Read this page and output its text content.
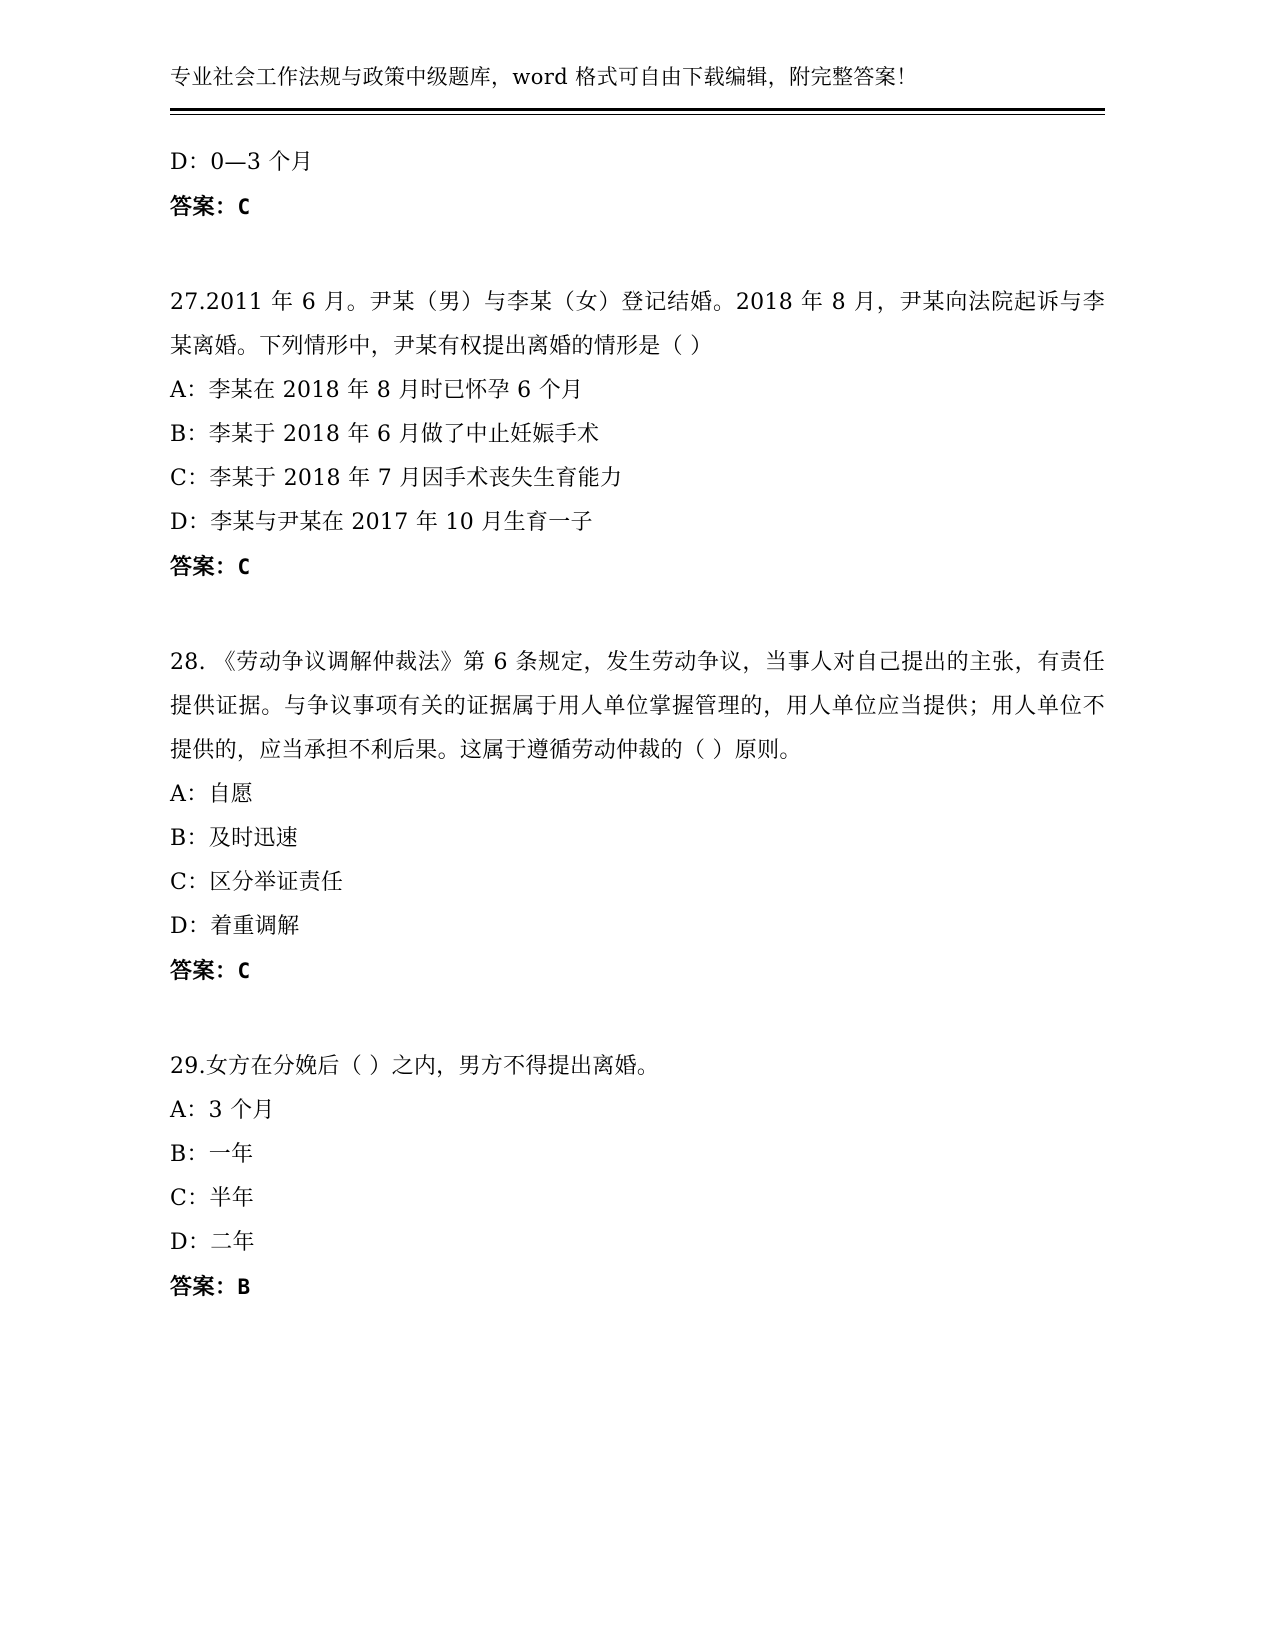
专业社会工作法规与政策中级题库，word 格式可自由下载编辑，附完整答案！
D：0—3 个月
答案：C
27.2011 年 6 月。尹某（男）与李某（女）登记结婚。2018 年 8 月，尹某向法院起诉与李某离婚。下列情形中，尹某有权提出离婚的情形是（ ）
A：李某在 2018 年 8 月时已怀孕 6 个月
B：李某于 2018 年 6 月做了中止妊娠手术
C：李某于 2018 年 7 月因手术丧失生育能力
D：李某与尹某在 2017 年 10 月生育一子
答案：C
28. 《劳动争议调解仲裁法》第 6 条规定，发生劳动争议，当事人对自己提出的主张，有责任提供证据。与争议事项有关的证据属于用人单位掌握管理的，用人单位应当提供；用人单位不提供的，应当承担不利后果。这属于遵循劳动仲裁的（ ）原则。
A：自愿
B：及时迅速
C：区分举证责任
D：着重调解
答案：C
29.女方在分娩后（ ）之内，男方不得提出离婚。
A：3 个月
B：一年
C：半年
D：二年
答案：B
